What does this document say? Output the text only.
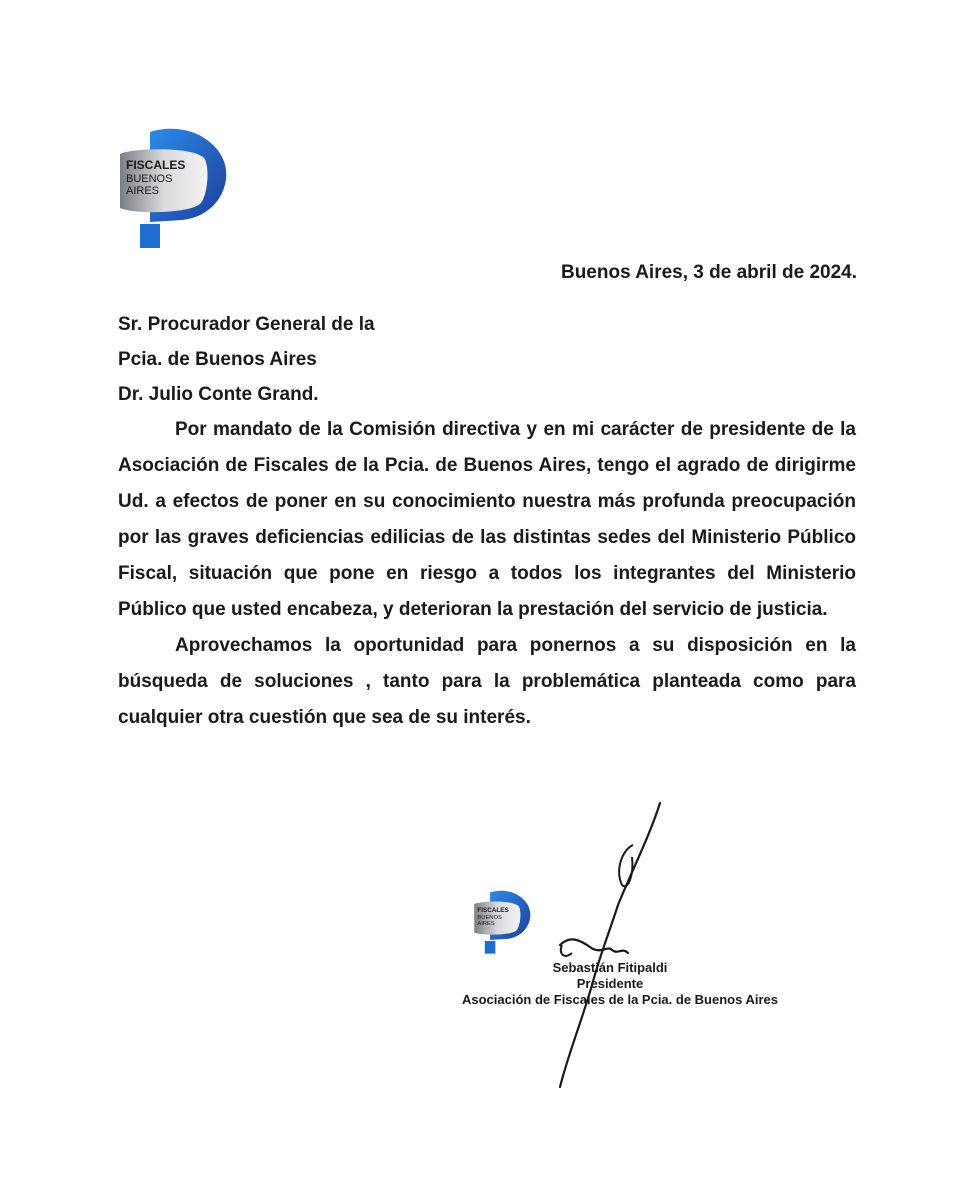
FISCALES
BUENOS
AIRES

Buenos Aires, 3 de abril de 2024.

Sr. Procurador General de la
Pcia. de Buenos Aires
Dr. Julio Conte Grand.

Por mandato de la Comisión directiva y en mi carácter de presidente de la Asociación de Fiscales de la Pcia. de Buenos Aires, tengo el agrado de dirigirme Ud. a efectos de poner en su conocimiento nuestra más profunda preocupación por las graves deficiencias edilicias de las distintas sedes del Ministerio Público Fiscal, situación que pone en riesgo a todos los integrantes del Ministerio Público que usted encabeza, y deterioran la prestación del servicio de justicia.

Aprovechamos la oportunidad para ponernos a su disposición en la búsqueda de soluciones , tanto para la problemática planteada como para cualquier otra cuestión que sea de su interés.

FISCALES
BUENOS
AIRES
Sebastián Fitipaldi
Presidente
Asociación de Fiscales de la Pcia. de Buenos Aires
